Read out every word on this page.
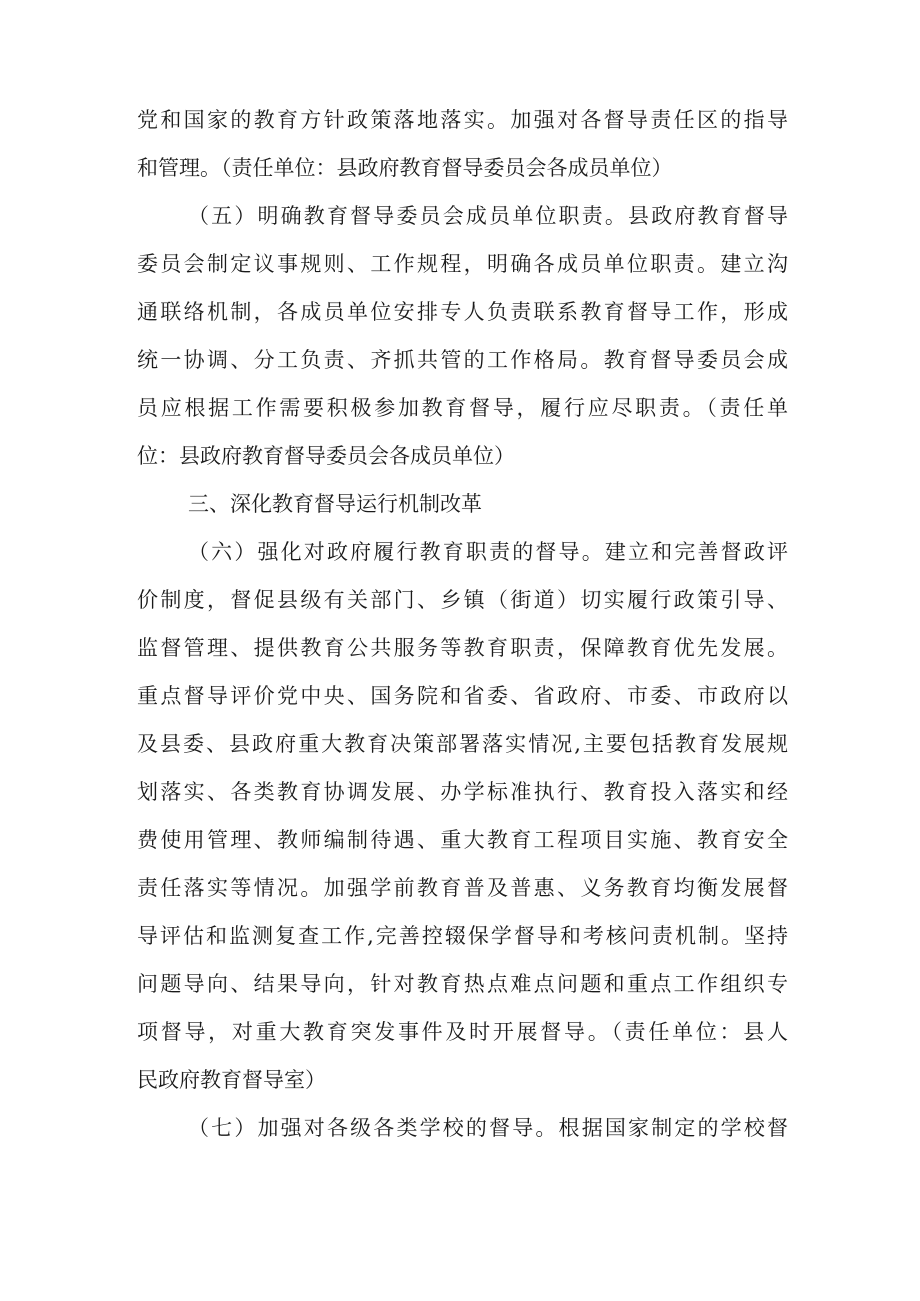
党和国家的教育方针政策落地落实。加强对各督导责任区的指导

和管理。（责任单位：县政府教育督导委员会各成员单位）

（五）明确教育督导委员会成员单位职责。县政府教育督导

委员会制定议事规则、工作规程，明确各成员单位职责。建立沟

通联络机制，各成员单位安排专人负责联系教育督导工作，形成

统一协调、分工负责、齐抓共管的工作格局。教育督导委员会成

员应根据工作需要积极参加教育督导，履行应尽职责。（责任单

位：县政府教育督导委员会各成员单位）

三、深化教育督导运行机制改革

（六）强化对政府履行教育职责的督导。建立和完善督政评

价制度，督促县级有关部门、乡镇（街道）切实履行政策引导、

监督管理、提供教育公共服务等教育职责，保障教育优先发展。

重点督导评价党中央、国务院和省委、省政府、市委、市政府以

及县委、县政府重大教育决策部署落实情况,主要包括教育发展规

划落实、各类教育协调发展、办学标准执行、教育投入落实和经

费使用管理、教师编制待遇、重大教育工程项目实施、教育安全

责任落实等情况。加强学前教育普及普惠、义务教育均衡发展督

导评估和监测复查工作,完善控辍保学督导和考核问责机制。坚持

问题导向、结果导向，针对教育热点难点问题和重点工作组织专

项督导，对重大教育突发事件及时开展督导。（责任单位：县人

民政府教育督导室）

（七）加强对各级各类学校的督导。根据国家制定的学校督
